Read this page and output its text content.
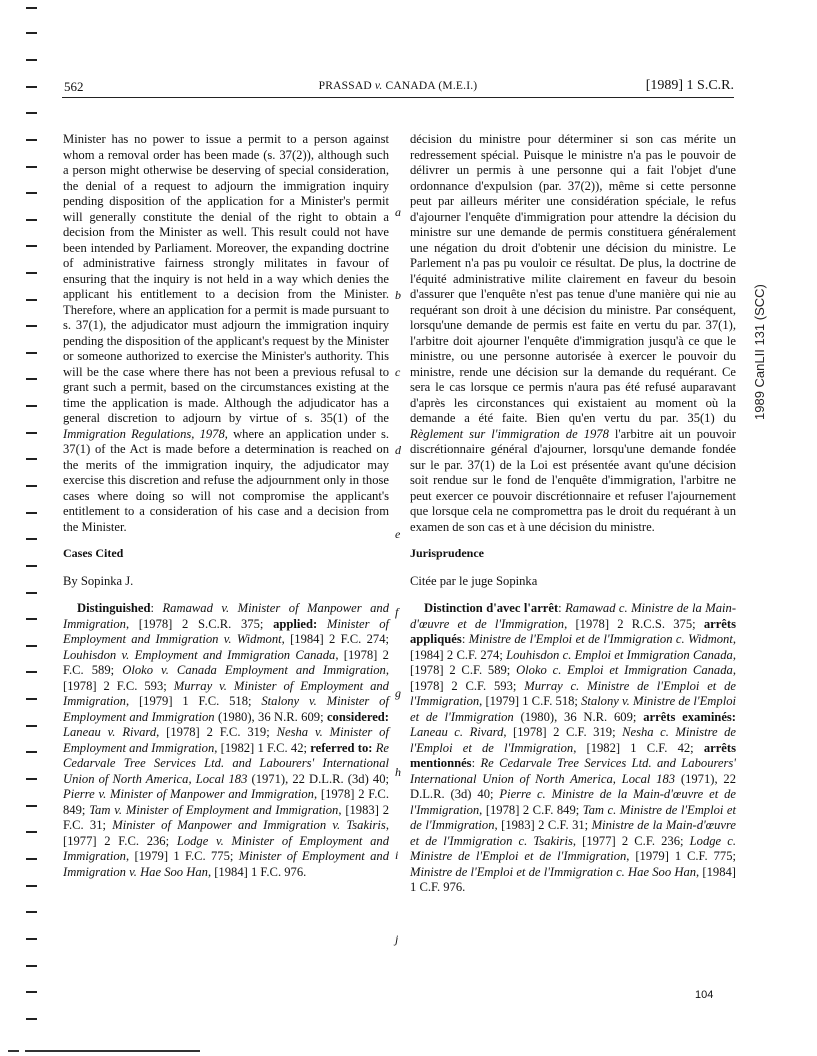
562	PRASSAD v. CANADA (M.E.I.)	[1989] 1 S.C.R.

Minister has no power to issue a permit to a person against whom a removal order has been made (s. 37(2)), although such a person might otherwise be deserving of special consideration, the denial of a request to adjourn the immigration inquiry pending disposition of the application for a Minister's permit will generally constitute the denial of the right to obtain a decision from the Minister as well. This result could not have been intended by Parliament. Moreover, the expanding doctrine of administrative fairness strongly militates in favour of ensuring that the inquiry is not held in a way which denies the applicant his entitlement to a decision from the Minister. Therefore, where an application for a permit is made pursuant to s. 37(1), the adjudicator must adjourn the immigration inquiry pending the disposition of the applicant's request by the Minister or someone authorized to exercise the Minister's authority. This will be the case where there has not been a previous refusal to grant such a permit, based on the circumstances existing at the time the application is made. Although the adjudicator has a general discretion to adjourn by virtue of s. 35(1) of the Immigration Regulations, 1978, where an application under s. 37(1) of the Act is made before a determination is reached on the merits of the immigration inquiry, the adjudicator may exercise this discretion and refuse the adjournment only in those cases where doing so will not compromise the applicant's entitlement to a consideration of his case and a decision from the Minister.

Cases Cited

By Sopinka J.

Distinguished: Ramawad v. Minister of Manpower and Immigration, [1978] 2 S.C.R. 375; applied: Minister of Employment and Immigration v. Widmont, [1984] 2 F.C. 274; Louhisdon v. Employment and Immigration Canada, [1978] 2 F.C. 589; Oloko v. Canada Employment and Immigration, [1978] 2 F.C. 593; Murray v. Minister of Employment and Immigration, [1979] 1 F.C. 518; Stalony v. Minister of Employment and Immigration (1980), 36 N.R. 609; considered: Laneau v. Rivard, [1978] 2 F.C. 319; Nesha v. Minister of Employment and Immigration, [1982] 1 F.C. 42; referred to: Re Cedarvale Tree Services Ltd. and Labourers' International Union of North America, Local 183 (1971), 22 D.L.R. (3d) 40; Pierre v. Minister of Manpower and Immigration, [1978] 2 F.C. 849; Tam v. Minister of Employment and Immigration, [1983] 2 F.C. 31; Minister of Manpower and Immigration v. Tsakiris, [1977] 2 F.C. 236; Lodge v. Minister of Employment and Immigration, [1979] 1 F.C. 775; Minister of Employment and Immigration v. Hae Soo Han, [1984] 1 F.C. 976.

décision du ministre pour déterminer si son cas mérite un redressement spécial. Puisque le ministre n'a pas le pouvoir de délivrer un permis à une personne qui a fait l'objet d'une ordonnance d'expulsion (par. 37(2)), même si cette personne peut par ailleurs mériter une considération spéciale, le refus d'ajourner l'enquête d'immigration pour attendre la décision du ministre sur une demande de permis constituera généralement une négation du droit d'obtenir une décision du ministre. Le Parlement n'a pas pu vouloir ce résultat. De plus, la doctrine de l'équité administrative milite clairement en faveur du besoin d'assurer que l'enquête n'est pas tenue d'une manière qui nie au requérant son droit à une décision du ministre. Par conséquent, lorsqu'une demande de permis est faite en vertu du par. 37(1), l'arbitre doit ajourner l'enquête d'immigration jusqu'à ce que le ministre, ou une personne autorisée à exercer le pouvoir du ministre, rende une décision sur la demande du requérant. Ce sera le cas lorsque ce permis n'aura pas été refusé auparavant d'après les circonstances qui existaient au moment où la demande a été faite. Bien qu'en vertu du par. 35(1) du Règlement sur l'immigration de 1978 l'arbitre ait un pouvoir discrétionnaire général d'ajourner, lorsqu'une demande fondée sur le par. 37(1) de la Loi est présentée avant qu'une décision soit rendue sur le fond de l'enquête d'immigration, l'arbitre ne peut exercer ce pouvoir discrétionnaire et refuser l'ajournement que lorsque cela ne compromettra pas le droit du requérant à un examen de son cas et à une décision du ministre.

Jurisprudence

Citée par le juge Sopinka

Distinction d'avec l'arrêt: Ramawad c. Ministre de la Main-d'œuvre et de l'Immigration, [1978] 2 R.C.S. 375; arrêts appliqués: Ministre de l'Emploi et de l'Immigration c. Widmont, [1984] 2 C.F. 274; Louhisdon c. Emploi et Immigration Canada, [1978] 2 C.F. 589; Oloko c. Emploi et Immigration Canada, [1978] 2 C.F. 593; Murray c. Ministre de l'Emploi et de l'Immigration, [1979] 1 C.F. 518; Stalony v. Ministre de l'Emploi et de l'Immigration (1980), 36 N.R. 609; arrêts examinés: Laneau c. Rivard, [1978] 2 C.F. 319; Nesha c. Ministre de l'Emploi et de l'Immigration, [1982] 1 C.F. 42; arrêts mentionnés: Re Cedarvale Tree Services Ltd. and Labourers' International Union of North America, Local 183 (1971), 22 D.L.R. (3d) 40; Pierre c. Ministre de la Main-d'œuvre et de l'Immigration, [1978] 2 C.F. 849; Tam c. Ministre de l'Emploi et de l'Immigration, [1983] 2 C.F. 31; Ministre de la Main-d'œuvre et de l'Immigration c. Tsakiris, [1977] 2 C.F. 236; Lodge c. Ministre de l'Emploi et de l'Immigration, [1979] 1 C.F. 775; Ministre de l'Emploi et de l'Immigration c. Hae Soo Han, [1984] 1 C.F. 976.

a
b
c
d
e
f
g
h
i
j
1989 CanLII 131 (SCC)
104
